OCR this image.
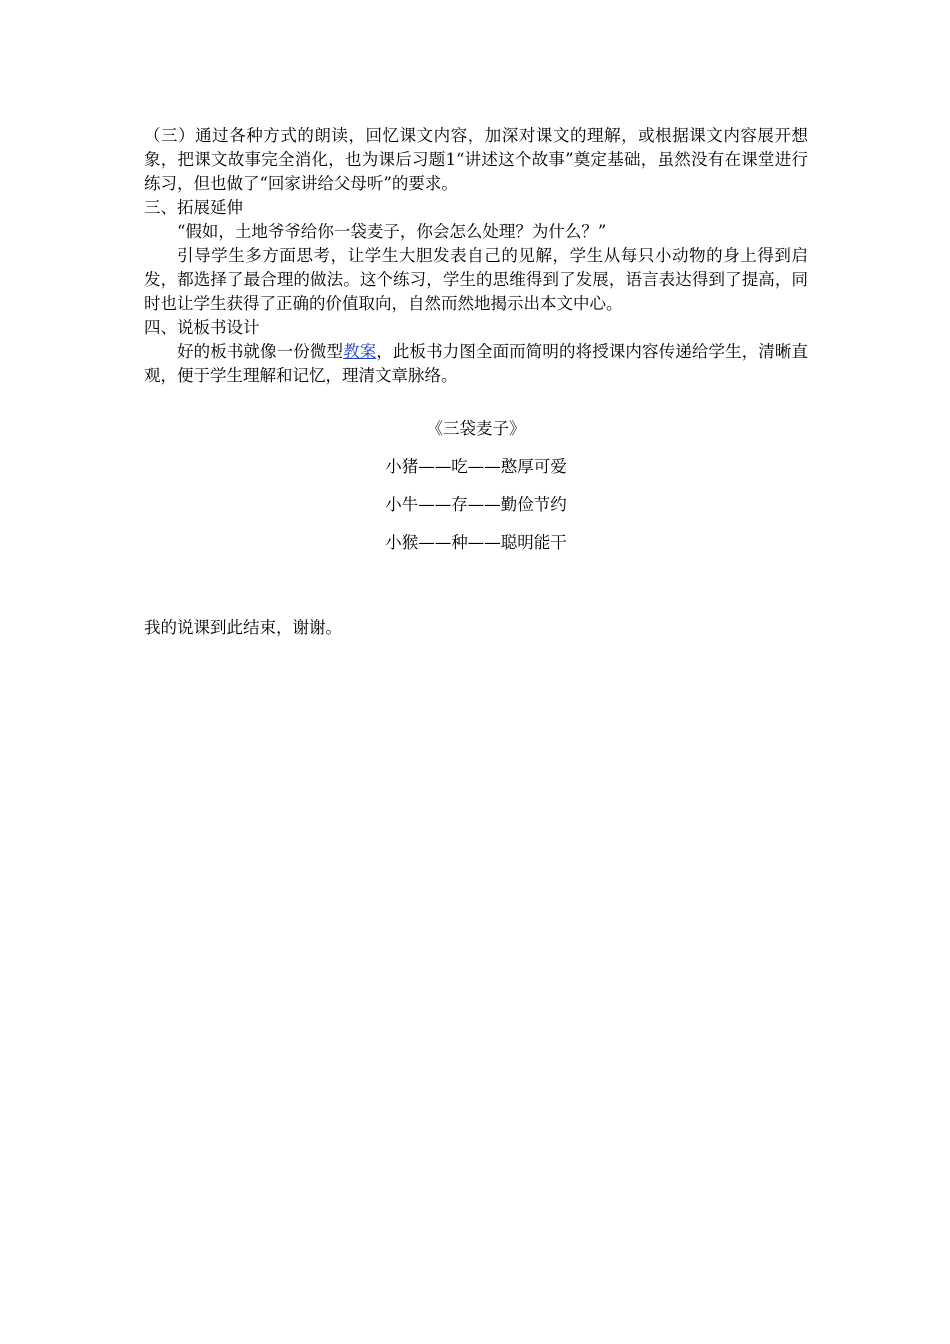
（三）通过各种方式的朗读，回忆课文内容，加深对课文的理解，或根据课文内容展开想象，把课文故事完全消化，也为课后习题1“讲述这个故事”奠定基础，虽然没有在课堂进行练习，但也做了“回家讲给父母听”的要求。

三、拓展延伸

“假如，土地爷爷给你一袋麦子，你会怎么处理？为什么？”

引导学生多方面思考，让学生大胆发表自己的见解，学生从每只小动物的身上得到启发，都选择了最合理的做法。这个练习，学生的思维得到了发展，语言表达得到了提高，同时也让学生获得了正确的价值取向，自然而然地揭示出本文中心。

四、说板书设计

好的板书就像一份微型教案，此板书力图全面而简明的将授课内容传递给学生，清晰直观，便于学生理解和记忆，理清文章脉络。

《三袋麦子》
小猪——吃——憨厚可爱
小牛——存——勤俭节约
小猴——种——聪明能干

我的说课到此结束，谢谢。
